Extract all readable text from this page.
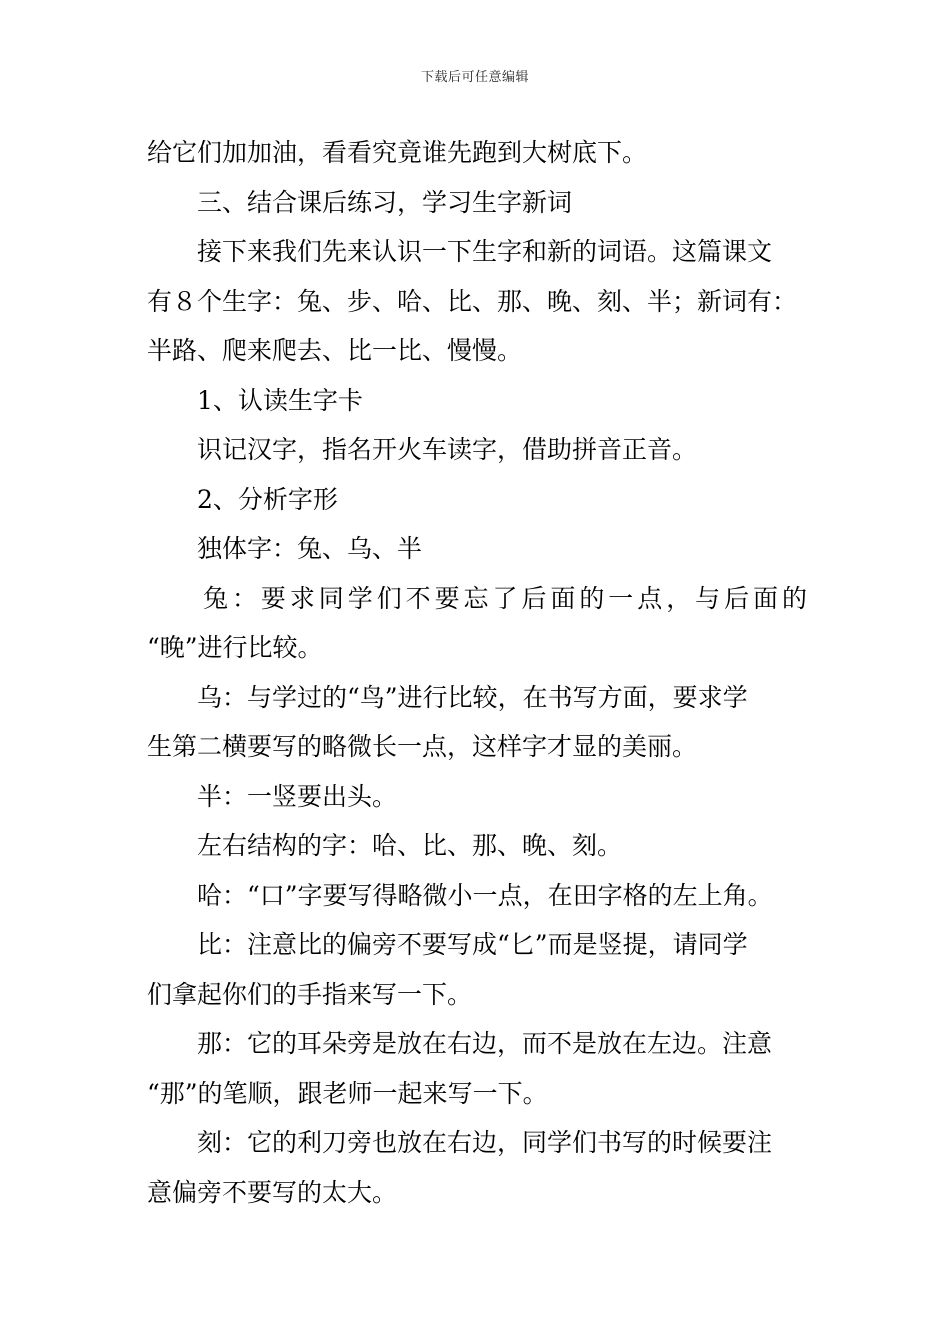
下载后可任意编辑
给它们加加油，看看究竟谁先跑到大树底下。
三、结合课后练习，学习生字新词
接下来我们先来认识一下生字和新的词语。这篇课文
有８个生字：兔、步、哈、比、那、晚、刻、半；新词有：
半路、爬来爬去、比一比、慢慢。
1、认读生字卡
识记汉字，指名开火车读字，借助拼音正音。
2、分析字形
独体字：兔、乌、半
兔：要求同学们不要忘了后面的一点，与后面的
“晚”进行比较。
乌：与学过的“鸟”进行比较，在书写方面，要求学
生第二横要写的略微长一点，这样字才显的美丽。
半：一竖要出头。
左右结构的字：哈、比、那、晚、刻。
哈：“口”字要写得略微小一点，在田字格的左上角。
比：注意比的偏旁不要写成“匕”而是竖提，请同学
们拿起你们的手指来写一下。
那：它的耳朵旁是放在右边，而不是放在左边。注意
“那”的笔顺，跟老师一起来写一下。
刻：它的利刀旁也放在右边，同学们书写的时候要注
意偏旁不要写的太大。
